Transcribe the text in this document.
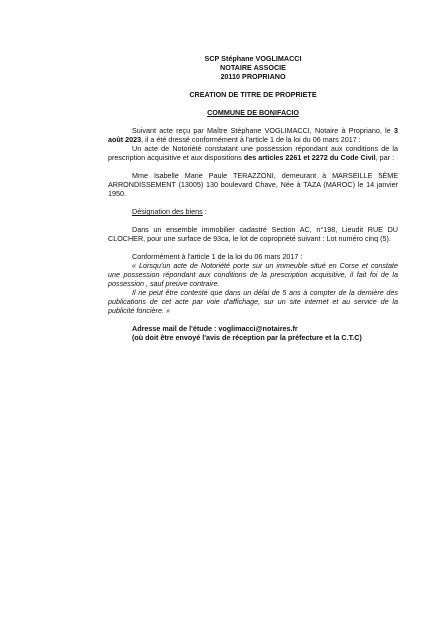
SCP Stéphane VOGLIMACCI
NOTAIRE ASSOCIE
20110 PROPRIANO
CREATION DE TITRE DE PROPRIETE
COMMUNE DE BONIFACIO

Suivant acte reçu par Maître Stéphane VOGLIMACCI, Notaire à Propriano, le 3 août 2023, il a été dressé conformément à l'article 1 de la loi du 06 mars 2017 :

Un acte de Notoriété constatant une possession répondant aux conditions de la prescription acquisitive et aux dispositions des articles 2261 et 2272 du Code Civil, par :

Mme Isabelle Marie Paule TERAZZONI, demeurant à MARSEILLE 5ÈME ARRONDISSEMENT (13005) 130 boulevard Chave, Née à TAZA (MAROC) le 14 janvier 1950.

Désignation des biens :

Dans un ensemble immobilier cadastré Section AC, n°198, Lieudit RUE DU CLOCHER, pour une surface de 93ca, le lot de copropriété suivant : Lot numéro cinq (5).

Conformément à l'article 1 de la loi du 06 mars 2017 :

« Lorsqu'un acte de Notoriété porte sur un immeuble situé en Corse et constate une possession répondant aux conditions de la prescription acquisitive, il fait foi de la possession , sauf preuve contraire.

Il ne peut être contesté que dans un délai de 5 ans à compter de la dernière des publications de cet acte par voie d'affichage, sur un site internet et au service de la publicité foncière. »

Adresse mail de l'étude : voglimacci@notaires.fr
(où doit être envoyé l'avis de réception par la préfecture et la C.T.C)
